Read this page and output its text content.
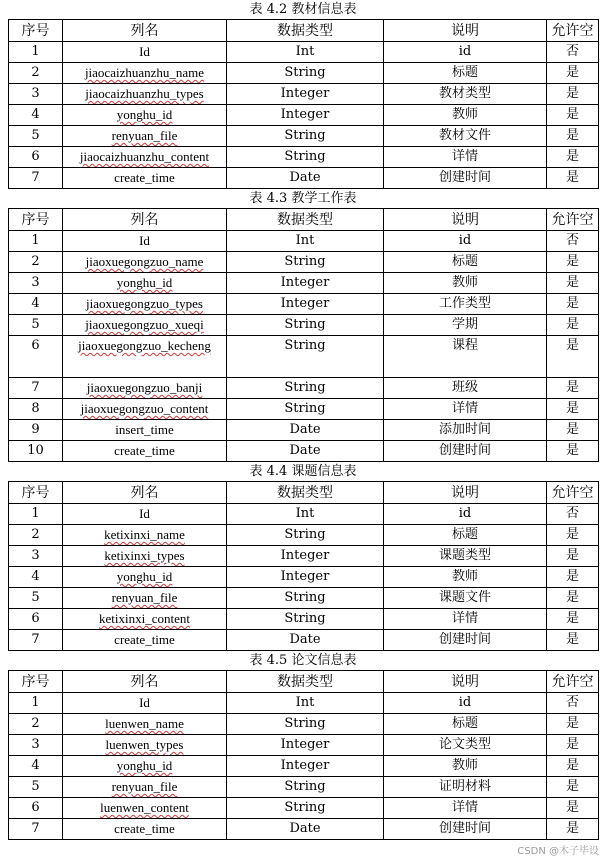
表 4.2 教材信息表
序号	列名	数据类型	说明	允许空
1	Id	Int	id	否
2	jiaocaizhuanzhu_name	String	标题	是
3	jiaocaizhuanzhu_types	Integer	教材类型	是
4	yonghu_id	Integer	教师	是
5	renyuan_file	String	教材文件	是
6	jiaocaizhuanzhu_content	String	详情	是
7	create_time	Date	创建时间	是
表 4.3 教学工作表
序号	列名	数据类型	说明	允许空
1	Id	Int	id	否
2	jiaoxuegongzuo_name	String	标题	是
3	yonghu_id	Integer	教师	是
4	jiaoxuegongzuo_types	Integer	工作类型	是
5	jiaoxuegongzuo_xueqi	String	学期	是
6	jiaoxuegongzuo_kecheng	String	课程	是
7	jiaoxuegongzuo_banji	String	班级	是
8	jiaoxuegongzuo_content	String	详情	是
9	insert_time	Date	添加时间	是
10	create_time	Date	创建时间	是
表 4.4 课题信息表
序号	列名	数据类型	说明	允许空
1	Id	Int	id	否
2	ketixinxi_name	String	标题	是
3	ketixinxi_types	Integer	课题类型	是
4	yonghu_id	Integer	教师	是
5	renyuan_file	String	课题文件	是
6	ketixinxi_content	String	详情	是
7	create_time	Date	创建时间	是
表 4.5 论文信息表
序号	列名	数据类型	说明	允许空
1	Id	Int	id	否
2	luenwen_name	String	标题	是
3	luenwen_types	Integer	论文类型	是
4	yonghu_id	Integer	教师	是
5	renyuan_file	String	证明材料	是
6	luenwen_content	String	详情	是
7	create_time	Date	创建时间	是
CSDN @木子毕设
